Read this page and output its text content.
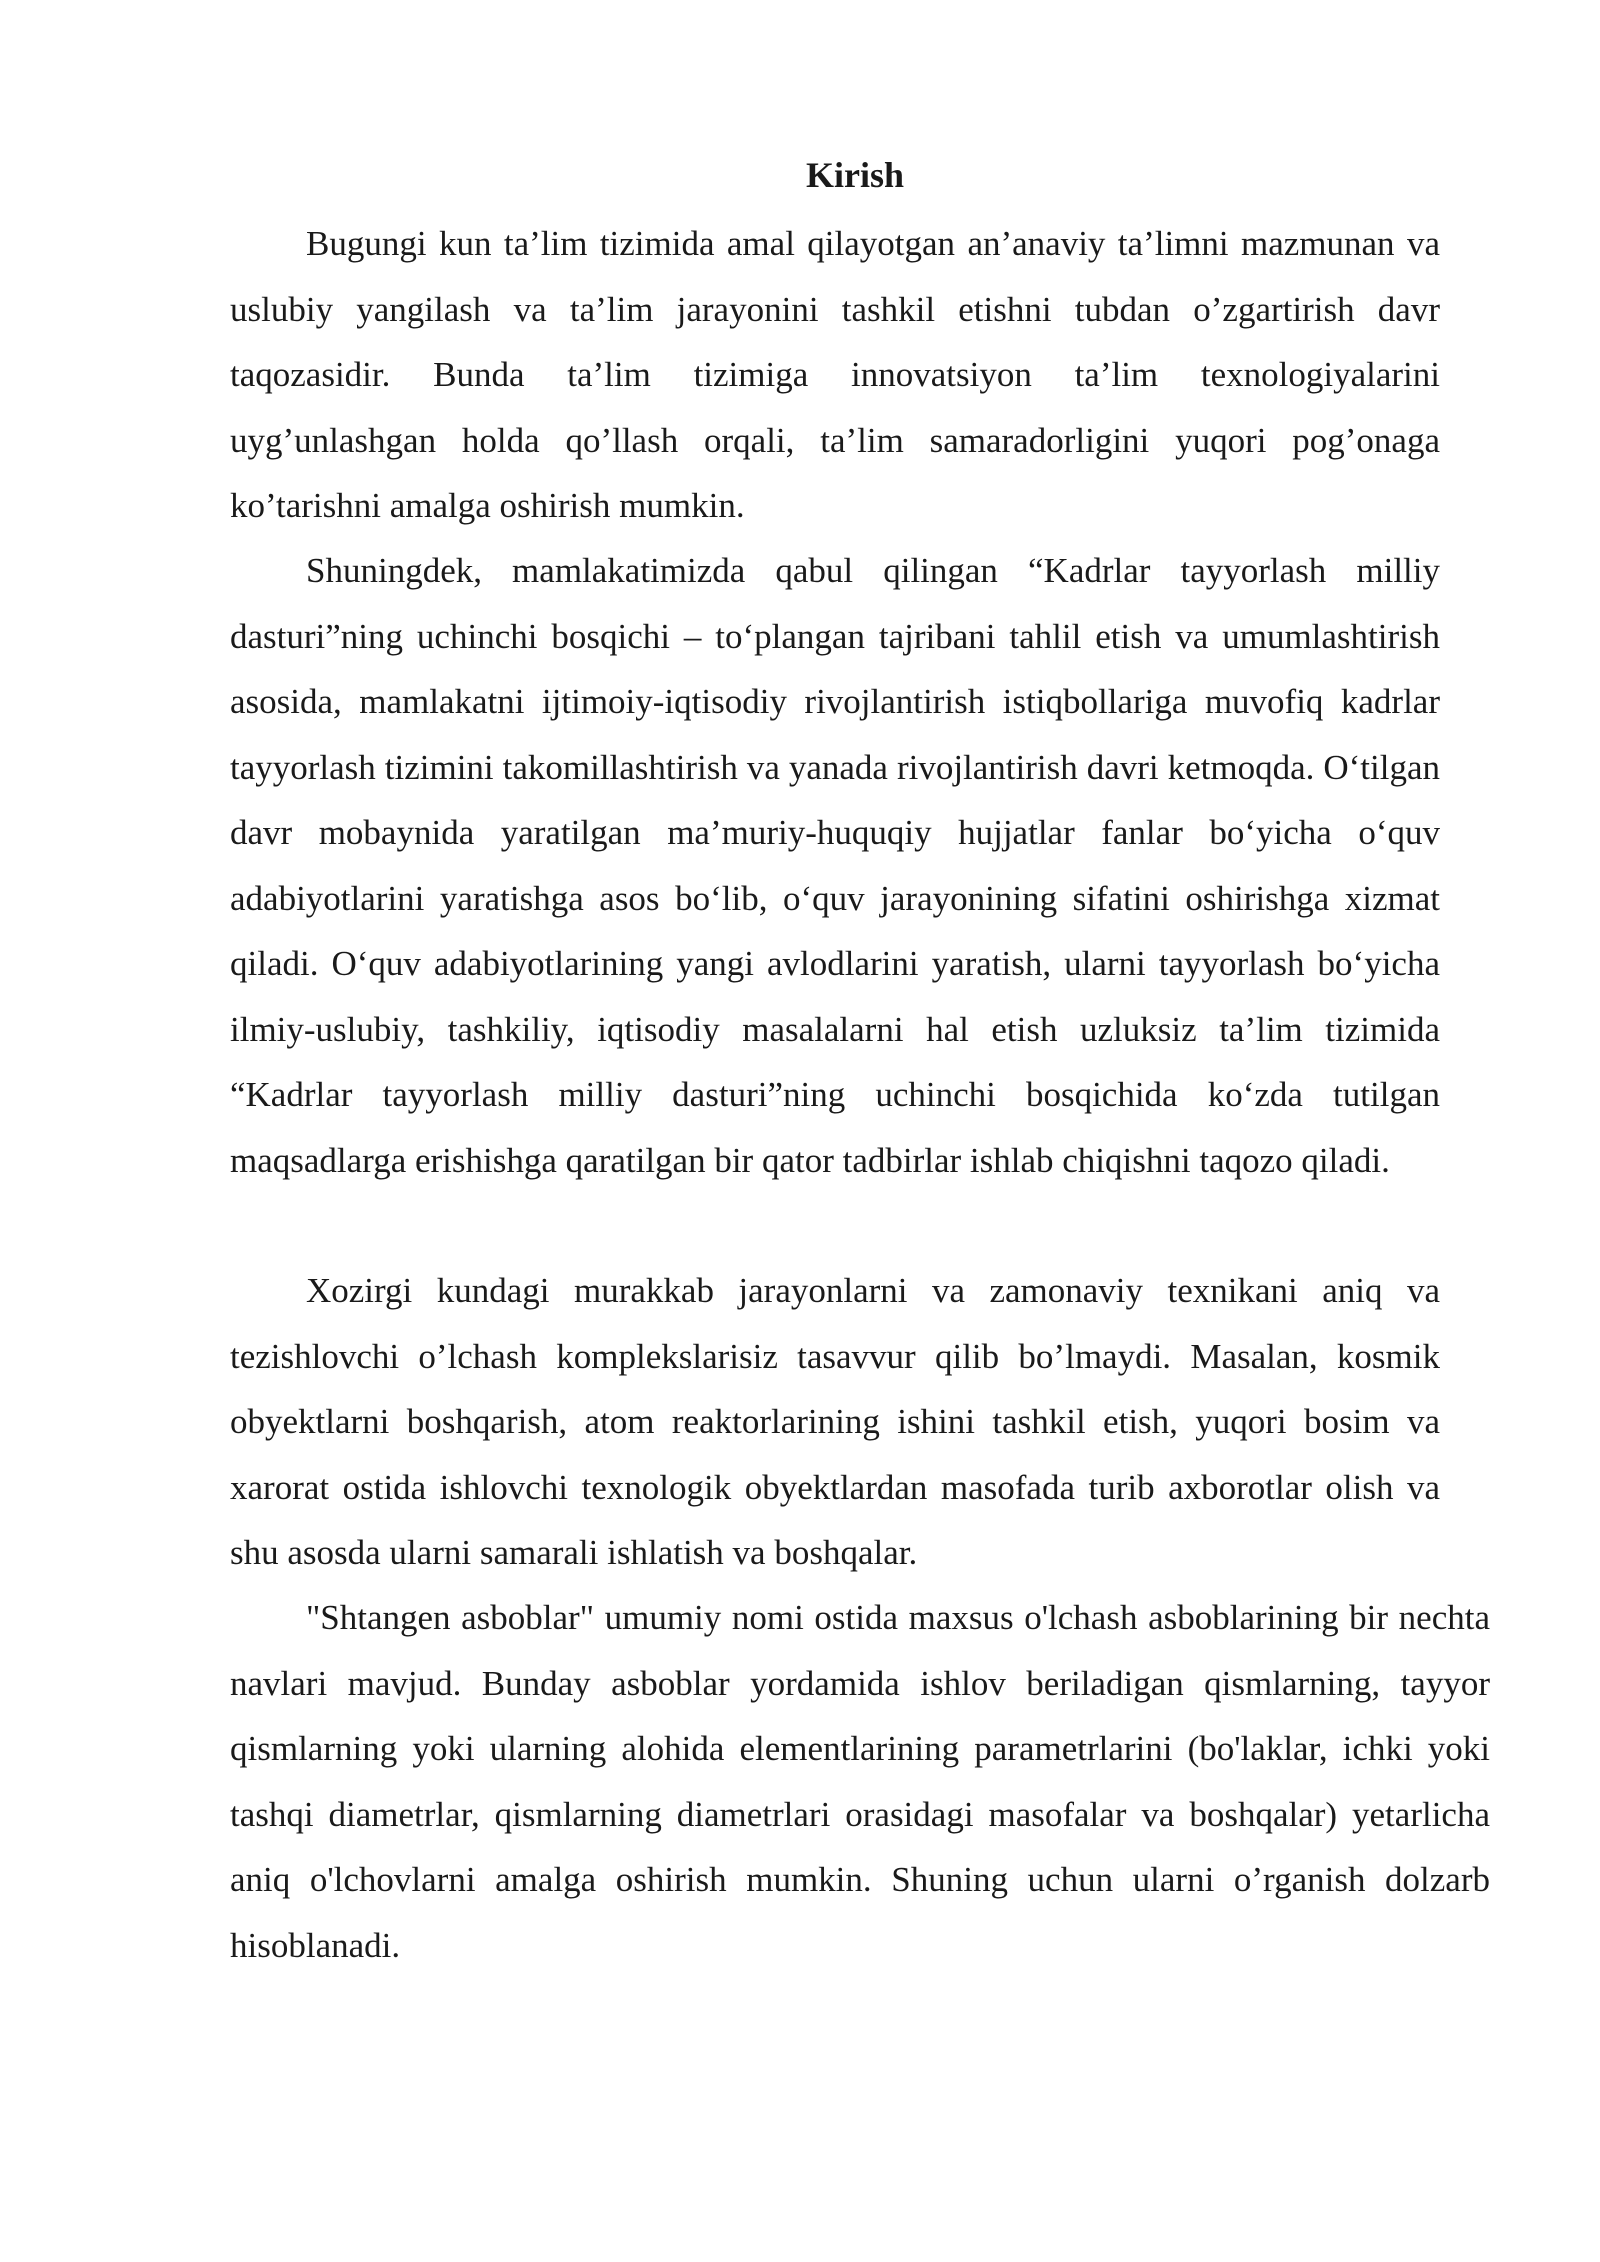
Kirish

Bugungi kun ta’lim tizimida amal qilayotgan an’anaviy ta’limni mazmunan va uslubiy yangilash va ta’lim jarayonini tashkil etishni tubdan o’zgartirish davr taqozasidir. Bunda ta’lim tizimiga innovatsiyon ta’lim texnologiyalarini uyg’unlashgan holda qo’llash orqali, ta’lim samaradorligini yuqori pog’onaga ko’tarishni amalga oshirish mumkin.

Shuningdek, mamlakatimizda qabul qilingan “Kadrlar tayyorlash milliy dasturi”ning uchinchi bosqichi – to‘plangan tajribani tahlil etish va umumlashtirish asosida, mamlakatni ijtimoiy-iqtisodiy rivojlantirish istiqbollariga muvofiq kadrlar tayyorlash tizimini takomillashtirish va yanada rivojlantirish davri ketmoqda. O‘tilgan davr mobaynida yaratilgan ma’muriy-huquqiy hujjatlar fanlar bo‘yicha o‘quv adabiyotlarini yaratishga asos bo‘lib, o‘quv jarayonining sifatini oshirishga xizmat qiladi. O‘quv adabiyotlarining yangi avlodlarini yaratish, ularni tayyorlash bo‘yicha ilmiy-uslubiy, tashkiliy, iqtisodiy masalalarni hal etish uzluksiz ta’lim tizimida “Kadrlar tayyorlash milliy dasturi”ning uchinchi bosqichida ko‘zda tutilgan maqsadlarga erishishga qaratilgan bir qator tadbirlar ishlab chiqishni taqozo qiladi.

Xozirgi kundagi murakkab jarayonlarni va zamonaviy texnikani aniq va tezishlovchi o’lchash komplekslarisiz tasavvur qilib bo’lmaydi. Masalan, kosmik obyektlarni boshqarish, atom reaktorlarining ishini tashkil etish, yuqori bosim va xarorat ostida ishlovchi texnologik obyektlardan masofada turib axborotlar olish va shu asosda ularni samarali ishlatish va boshqalar.

"Shtangen asboblar" umumiy nomi ostida maxsus o'lchash asboblarining bir nechta navlari mavjud. Bunday asboblar yordamida ishlov beriladigan qismlarning, tayyor qismlarning yoki ularning alohida elementlarining parametrlarini (bo'laklar, ichki yoki tashqi diametrlar, qismlarning diametrlari orasidagi masofalar va boshqalar) yetarlicha aniq o'lchovlarni amalga oshirish mumkin. Shuning uchun ularni o’rganish dolzarb hisoblanadi.
